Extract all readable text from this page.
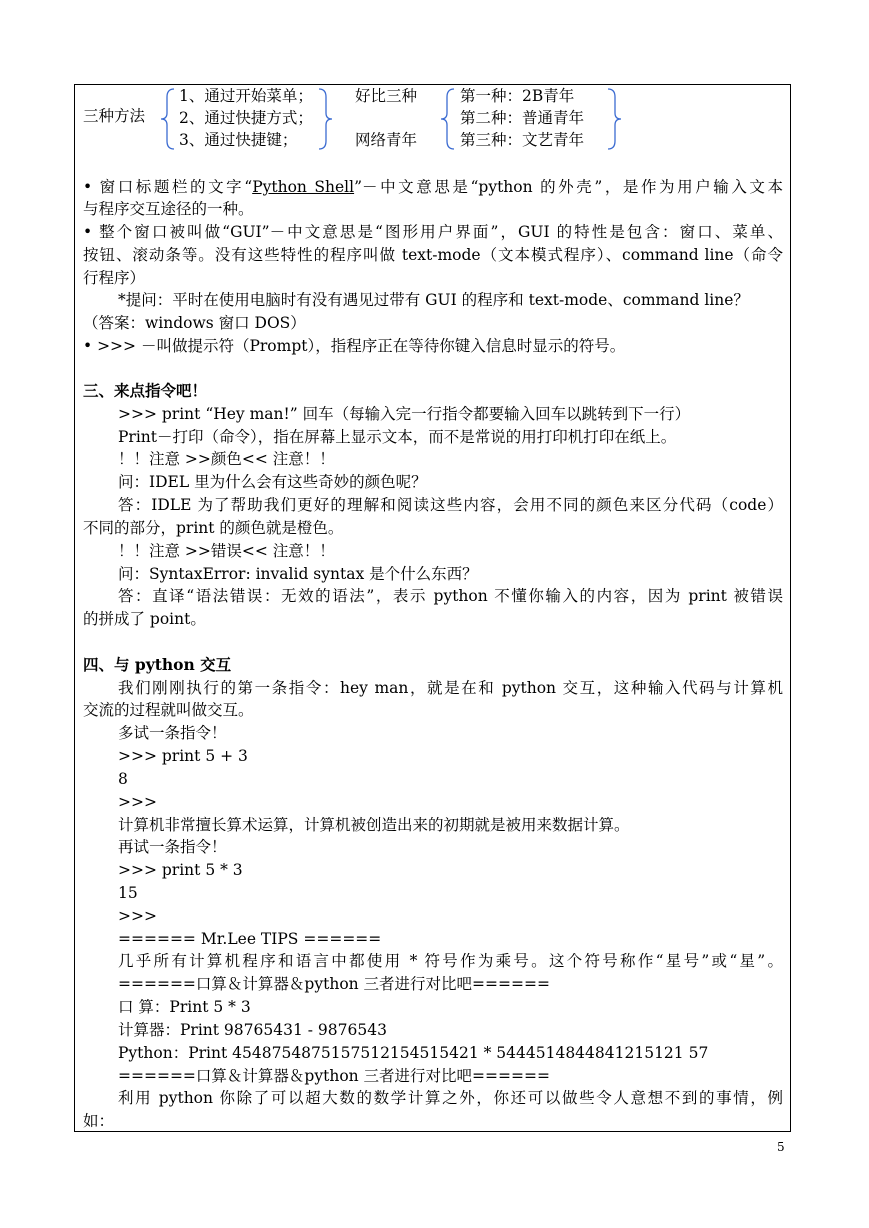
三种方法
1、通过开始菜单；
2、通过快捷方式；
3、通过快捷键；
好比三种
网络青年
第一种：2B青年
第二种：普通青年
第三种：文艺青年
• 窗口标题栏的文字“Python Shell”－中文意思是“python 的外壳”，是作为用户输入文本
与程序交互途径的一种。
• 整个窗口被叫做“GUI”－中文意思是“图形用户界面”，GUI 的特性是包含：窗口、菜单、
按钮、滚动条等。没有这些特性的程序叫做 text-mode（文本模式程序）、command line（命令
行程序）
*提问：平时在使用电脑时有没有遇见过带有 GUI 的程序和 text-mode、command line？
（答案：windows 窗口 DOS）
• >>> －叫做提示符（Prompt），指程序正在等待你键入信息时显示的符号。
三、来点指令吧！
>>> print “Hey man!” 回车（每输入完一行指令都要输入回车以跳转到下一行）
Print－打印（命令），指在屏幕上显示文本，而不是常说的用打印机打印在纸上。
！！注意 >>颜色<< 注意！！
问：IDEL 里为什么会有这些奇妙的颜色呢？
答：IDLE 为了帮助我们更好的理解和阅读这些内容，会用不同的颜色来区分代码（code）
不同的部分，print 的颜色就是橙色。
！！注意 >>错误<< 注意！！
问：SyntaxError: invalid syntax 是个什么东西？
答：直译“语法错误：无效的语法”，表示 python 不懂你输入的内容，因为 print 被错误
的拼成了 point。
四、与 python 交互
我们刚刚执行的第一条指令：hey man，就是在和 python 交互，这种输入代码与计算机
交流的过程就叫做交互。
多试一条指令！
>>> print 5 + 3
8
>>>
计算机非常擅长算术运算，计算机被创造出来的初期就是被用来数据计算。
再试一条指令！
>>> print 5 * 3
15
>>>
====== Mr.Lee TIPS ======
几乎所有计算机程序和语言中都使用 * 符号作为乘号。这个符号称作“星号”或“星”。
======口算＆计算器＆python 三者进行对比吧======
口 算：Print 5 * 3
计算器：Print 98765431 - 9876543
Python：Print 4548754875157512154515421 * 5444514844841215121 57
======口算＆计算器＆python 三者进行对比吧======
利用 python 你除了可以超大数的数学计算之外，你还可以做些令人意想不到的事情，例
如：
5
